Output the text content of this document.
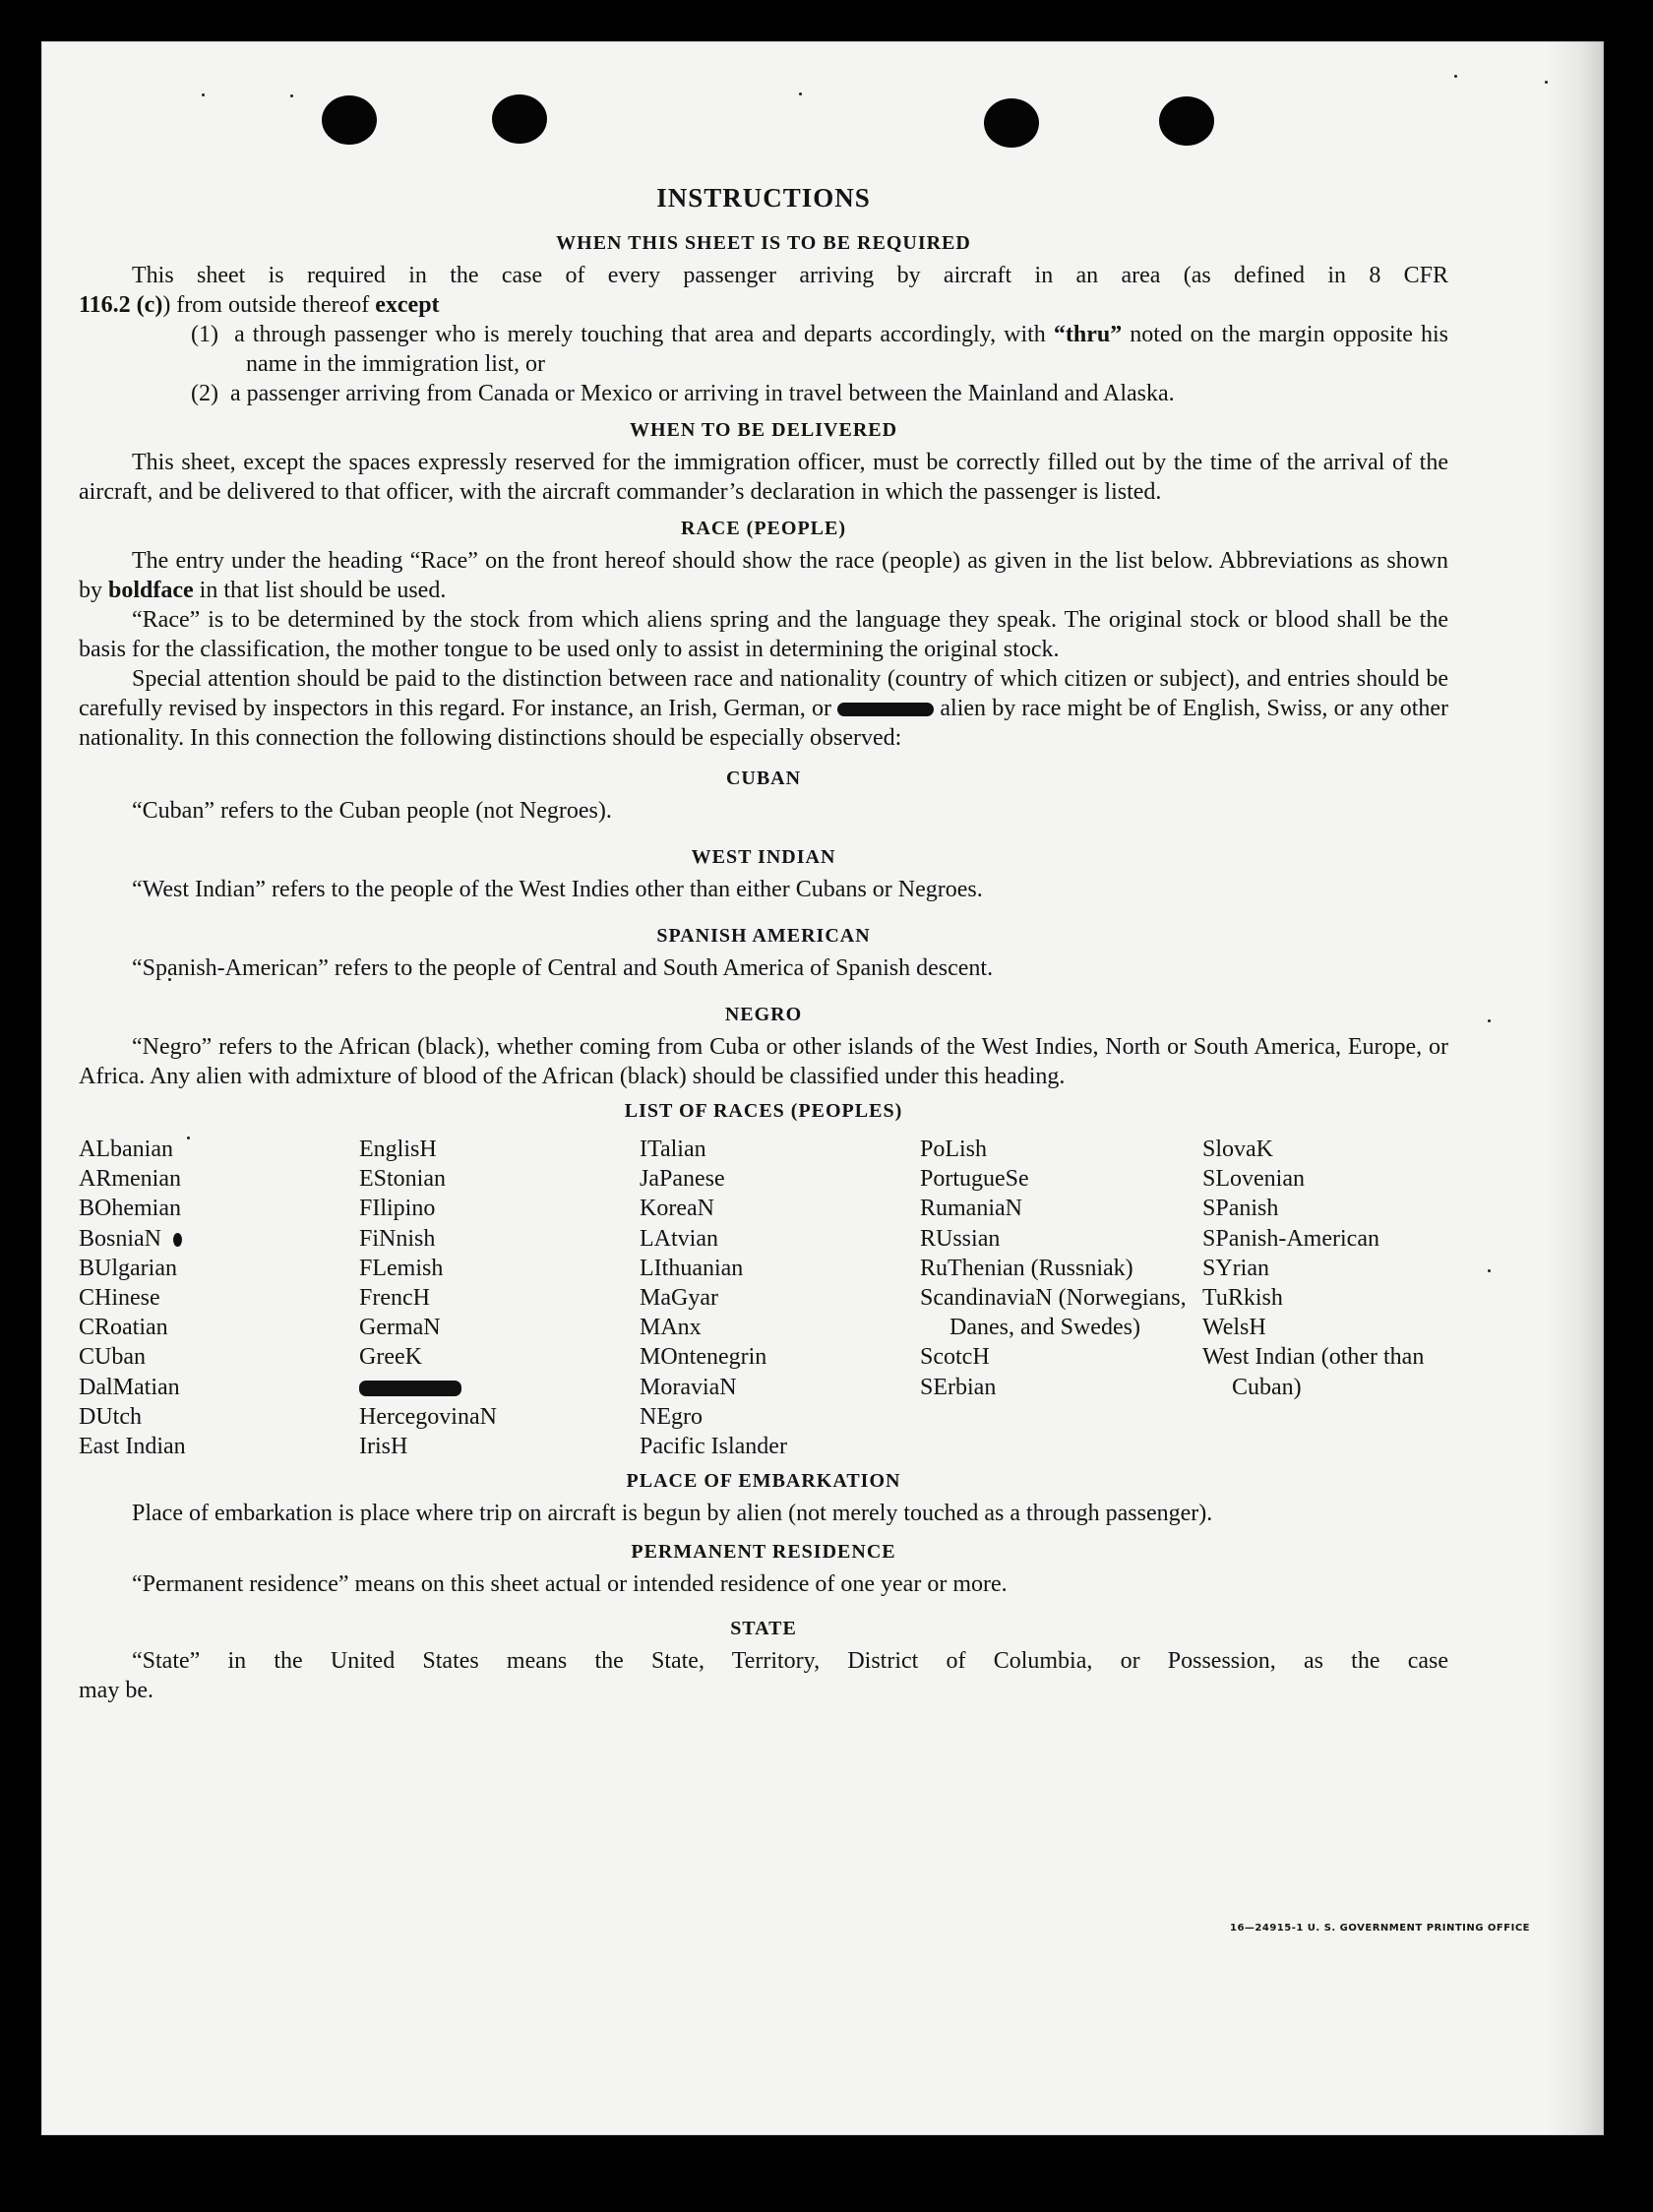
INSTRUCTIONS
WHEN THIS SHEET IS TO BE REQUIRED

This sheet is required in the case of every passenger arriving by aircraft in an area (as defined in 8 CFR

116.2 (c)) from outside thereof except

(1) a through passenger who is merely touching that area and departs accordingly, with “thru” noted on the margin opposite his name in the immigration list, or

(2) a passenger arriving from Canada or Mexico or arriving in travel between the Mainland and Alaska.

WHEN TO BE DELIVERED

This sheet, except the spaces expressly reserved for the immigration officer, must be correctly filled out by the time of the arrival of the aircraft, and be delivered to that officer, with the aircraft commander’s declaration in which the passenger is listed.

RACE (PEOPLE)

The entry under the heading “Race” on the front hereof should show the race (people) as given in the list below. Abbreviations as shown by boldface in that list should be used.

“Race” is to be determined by the stock from which aliens spring and the language they speak. The original stock or blood shall be the basis for the classification, the mother tongue to be used only to assist in determining the original stock.

Special attention should be paid to the distinction between race and nationality (country of which citizen or subject), and entries should be carefully revised by inspectors in this regard. For instance, an Irish, German, or	alien by race might be of English, Swiss, or any other nationality. In this connection the following distinctions should be especially observed:

CUBAN

“Cuban” refers to the Cuban people (not Negroes).

WEST INDIAN

“West Indian” refers to the people of the West Indies other than either Cubans or Negroes.

SPANISH AMERICAN

“Spanish-American” refers to the people of Central and South America of Spanish descent.

NEGRO

“Negro” refers to the African (black), whether coming from Cuba or other islands of the West Indies, North or South America, Europe, or Africa. Any alien with admixture of blood of the African (black) should be classified under this heading.

LIST OF RACES (PEOPLES)
ALbanian
ARmenian
BOhemian
BosniaN
BUlgarian
CHinese
CRoatian
CUban
DalMatian
DUtch
East Indian
EnglisH
EStonian
FIlipino
FiNnish
FLemish
FrencH
GermaN
GreeK
HercegovinaN
IrisH
ITalian
JaPanese
KoreaN
LAtvian
LIthuanian
MaGyar
MAnx
MOntenegrin
MoraviaN
NEgro
Pacific Islander
PoLish
PortugueSe
RumaniaN
RUssian
RuThenian (Russniak)
ScandinaviaN (Norwegians, Danes, and Swedes)
ScotcH
SErbian
SlovaK
SLovenian
SPanish
SPanish-American
SYrian
TuRkish
WelsH
West Indian (other than Cuban)
PLACE OF EMBARKATION

Place of embarkation is place where trip on aircraft is begun by alien (not merely touched as a through passenger).

PERMANENT RESIDENCE

“Permanent residence” means on this sheet actual or intended residence of one year or more.

STATE

“State” in the United States means the State, Territory, District of Columbia, or Possession, as the case

may be.

16—24915-1 U. S. GOVERNMENT PRINTING OFFICE
